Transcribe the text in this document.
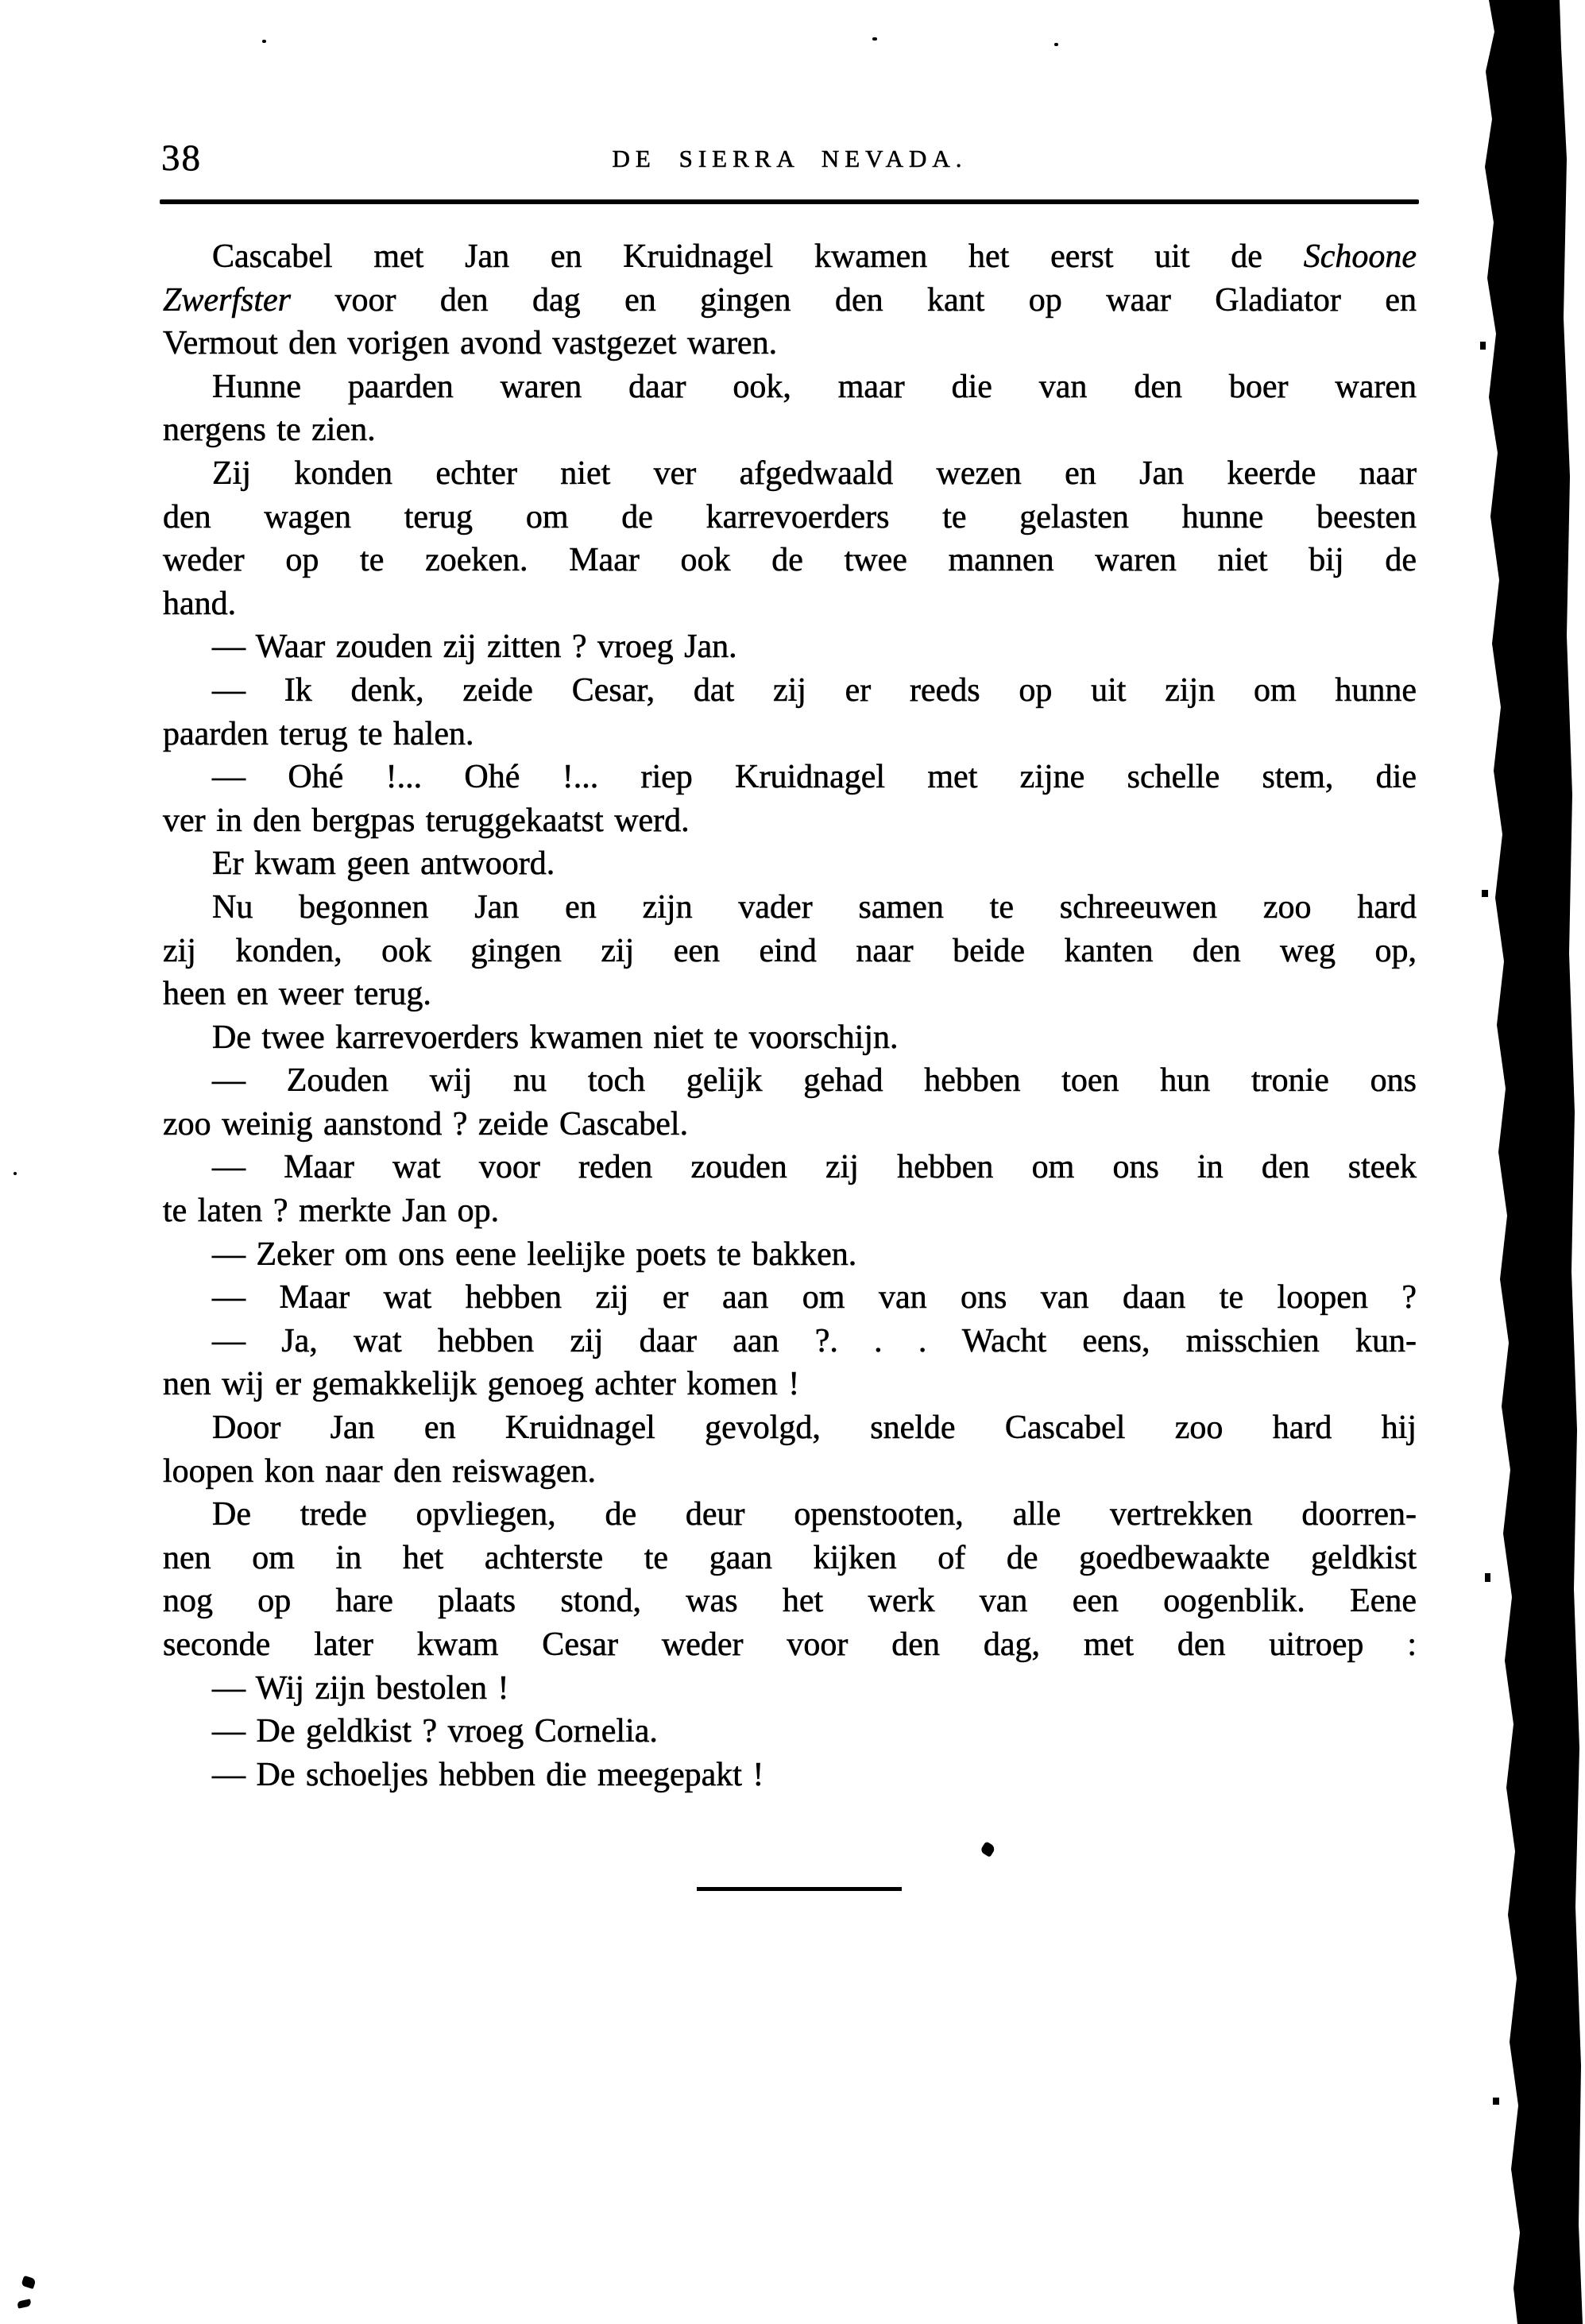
38	DE SIERRA NEVADA.
Cascabel met Jan en Kruidnagel kwamen het eerst uit de Schoone
Zwerfster voor den dag en gingen den kant op waar Gladiator en
Vermout den vorigen avond vastgezet waren.
Hunne paarden waren daar ook, maar die van den boer waren
nergens te zien.
Zij konden echter niet ver afgedwaald wezen en Jan keerde naar
den wagen terug om de karrevoerders te gelasten hunne beesten
weder op te zoeken. Maar ook de twee mannen waren niet bij de
hand.
— Waar zouden zij zitten ? vroeg Jan.
— Ik denk, zeide Cesar, dat zij er reeds op uit zijn om hunne
paarden terug te halen.
— Ohé !... Ohé !... riep Kruidnagel met zijne schelle stem, die
ver in den bergpas teruggekaatst werd.
Er kwam geen antwoord.
Nu begonnen Jan en zijn vader samen te schreeuwen zoo hard
zij konden, ook gingen zij een eind naar beide kanten den weg op,
heen en weer terug.
De twee karrevoerders kwamen niet te voorschijn.
— Zouden wij nu toch gelijk gehad hebben toen hun tronie ons
zoo weinig aanstond ? zeide Cascabel.
— Maar wat voor reden zouden zij hebben om ons in den steek
te laten ? merkte Jan op.
— Zeker om ons eene leelijke poets te bakken.
— Maar wat hebben zij er aan om van ons van daan te loopen ?
— Ja, wat hebben zij daar aan ?. . . Wacht eens, misschien kun-
nen wij er gemakkelijk genoeg achter komen !
Door Jan en Kruidnagel gevolgd, snelde Cascabel zoo hard hij
loopen kon naar den reiswagen.
De trede opvliegen, de deur openstooten, alle vertrekken doorren-
nen om in het achterste te gaan kijken of de goedbewaakte geldkist
nog op hare plaats stond, was het werk van een oogenblik. Eene
seconde later kwam Cesar weder voor den dag, met den uitroep :
— Wij zijn bestolen !
— De geldkist ? vroeg Cornelia.
— De schoeljes hebben die meegepakt !
